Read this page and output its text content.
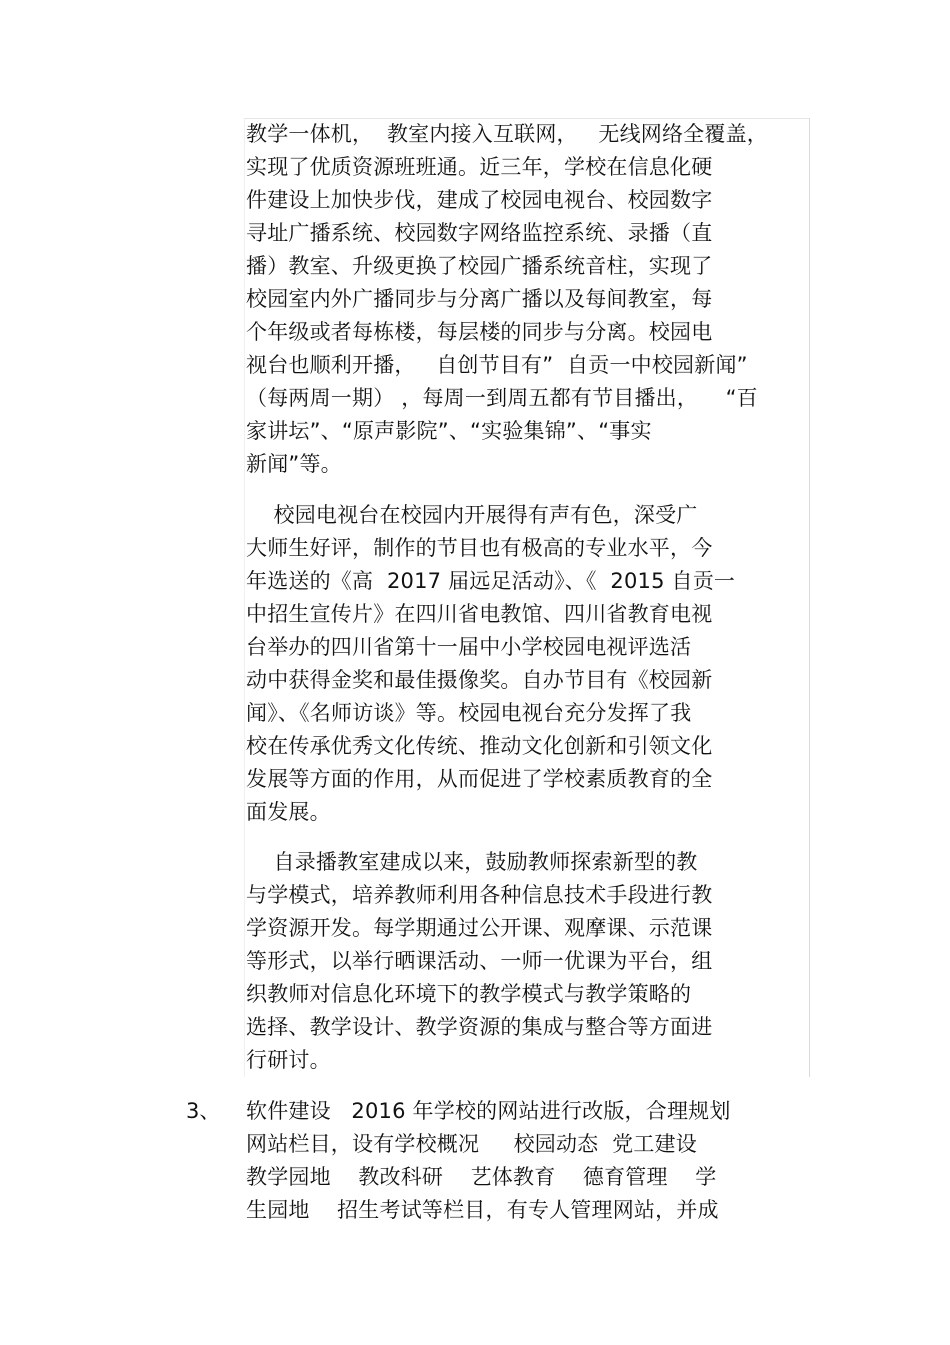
教学一体机，  教室内接入互联网，   无线网络全覆盖，
实现了优质资源班班通。近三年，学校在信息化硬
件建设上加快步伐，建成了校园电视台、校园数字
寻址广播系统、校园数字网络监控系统、录播（直
播）教室、升级更换了校园广播系统音柱，实现了
校园室内外广播同步与分离广播以及每间教室，每
个年级或者每栋楼，每层楼的同步与分离。校园电
视台也顺利开播，   自创节目有”  自贡一中校园新闻”
（每两周一期） ，每周一到周五都有节目播出，    “百
家讲坛”、“原声影院”、“实验集锦”、“事实
新闻”等。
校园电视台在校园内开展得有声有色，深受广
大师生好评，制作的节目也有极高的专业水平，今
年选送的《高  2017 届远足活动》、《  2015 自贡一
中招生宣传片》在四川省电教馆、四川省教育电视
台举办的四川省第十一届中小学校园电视评选活
动中获得金奖和最佳摄像奖。自办节目有《校园新
闻》、《名师访谈》等。校园电视台充分发挥了我
校在传承优秀文化传统、推动文化创新和引领文化
发展等方面的作用，从而促进了学校素质教育的全
面发展。
自录播教室建成以来，鼓励教师探索新型的教
与学模式，培养教师利用各种信息技术手段进行教
学资源开发。每学期通过公开课、观摩课、示范课
等形式，以举行晒课活动、一师一优课为平台，组
织教师对信息化环境下的教学模式与教学策略的
选择、教学设计、教学资源的集成与整合等方面进
行研讨。
3、 软件建设   2016 年学校的网站进行改版，合理规划
网站栏目，设有学校概况     校园动态  党工建设
教学园地    教改科研    艺体教育    德育管理    学
生园地    招生考试等栏目，有专人管理网站，并成
